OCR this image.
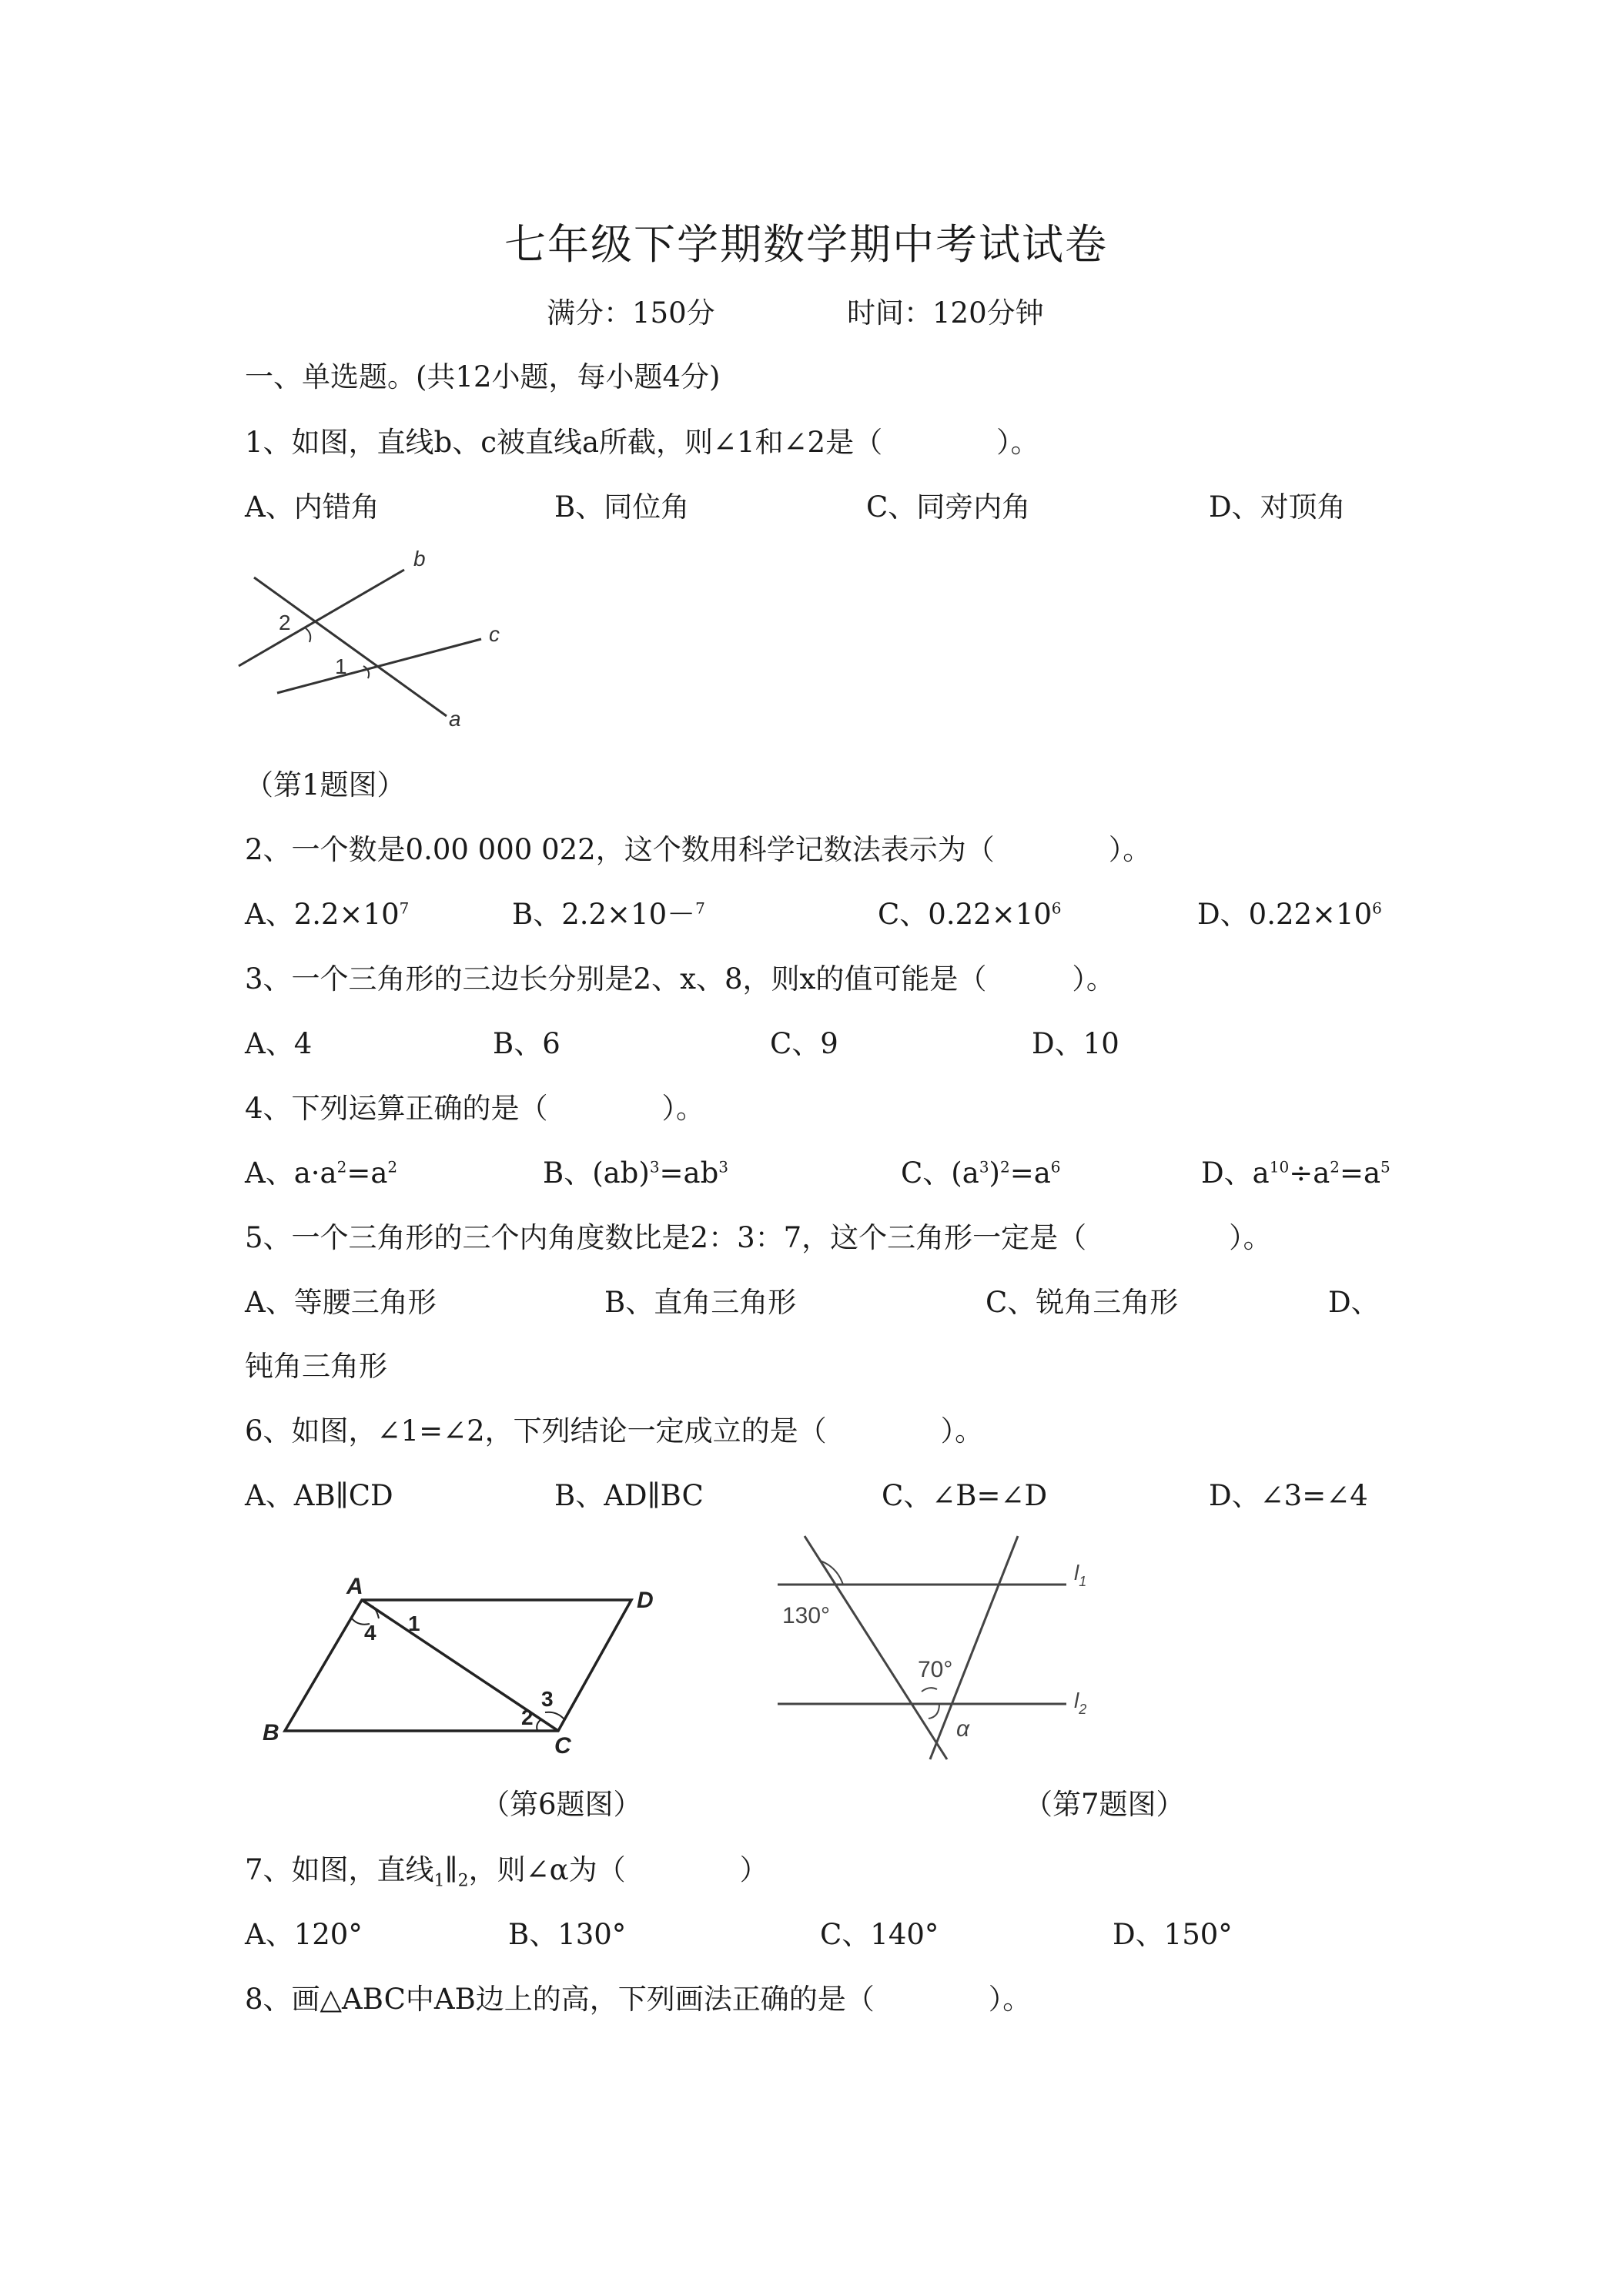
七年级下学期数学期中考试试卷
满分：150分	时间：120分钟
一、单选题。(共12小题，每小题4分)
1、如图，直线b、c被直线a所截，则∠1和∠2是（　　　　）。
A、内错角	B、同位角	C、同旁内角	D、对顶角
b
c
a
2
1
（第1题图）
2、一个数是0.00 000 022，这个数用科学记数法表示为（　　　　）。
A、$2.2\times 10^7$	B、2.2×10－$^7$	C、$0.22\times 10^6$	D、$0.22\times 10^6$
3、一个三角形的三边长分别是2、x、8，则x的值可能是（　　　）。
A、4	B、6	C、9	D、10
4、下列运算正确的是（　　　　）。
A、$a\cdot a^2=a^2$	B、$(ab)^3=ab^3$	C、$(a^3)^2=a^6$	D、$a^{10}\div a^2=a^5$
5、一个三角形的三个内角度数比是2：3：7，这个三角形一定是（　　　　　）。
A、等腰三角形	B、直角三角形	C、锐角三角形	D、
钝角三角形
6、如图，∠1=∠2，下列结论一定成立的是（　　　　）。
A、AB∥CD	B、AD∥BC	C、∠B=∠D	D、∠3=∠4
A
D
B
C
1
4
2
3
130°
70°
α
$l_1$
$l_2$
（第6题图）	（第7题图）
7、如图，直线$_1\parallel_2$，则∠α为（　　　　）
A、120°	B、130°	C、140°	D、150°
8、画△ABC中AB边上的高，下列画法正确的是（　　　　）。
